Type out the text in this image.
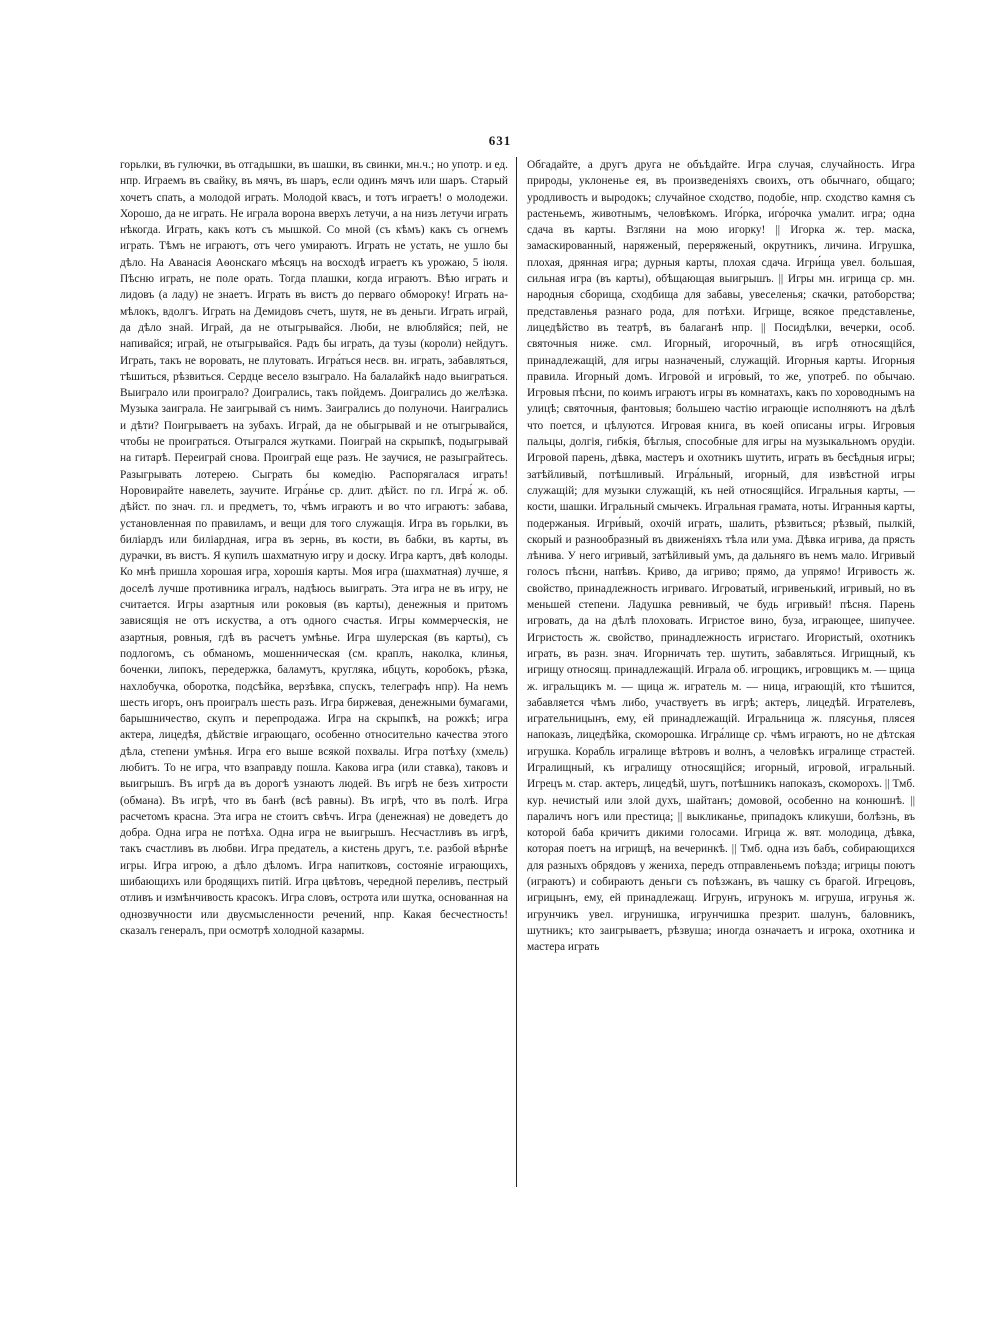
631

горьлки, въ гулючки, въ отгадышки, въ шашки, въ свинки, мн.ч.; но употр. и ед. нпр. Играемъ въ свайку, въ мячъ, въ шаръ, если одинъ мячъ или шаръ. Старый хочетъ спать, а молодой играть. Молодой квасъ, и тотъ играетъ! о молодежи. Хорошо, да не играть. Не играла ворона вверхъ летучи, а на низъ летучи играть нѣкогда. Играть, какъ котъ съ мышкой. Со мной (съ кѣмъ) какъ съ огнемъ играть. Тѣмъ не играютъ, отъ чего умираютъ. Играть не устать, не ушло бы дѣло. На Аванасія Аѳонскаго мѣсяцъ на восходѣ играетъ къ урожаю, 5 іюля. Пѣсню играть, не поле орать. Тогда плашки, когда играютъ. Вѣю играть и лидовъ (а ладу) не знаетъ. Играть въ вистъ до перваго обмороку! Играть на-мѣлокъ, вдолгъ. Играть на Демидовъ счетъ, шутя, не въ деньги. Играть играй, да дѣло знай. Играй, да не отыгрывайся. Люби, не влюбляйся; пей, не напивайся; играй, не отыгрывайся. Радъ бы играть, да тузы (короли) нейдутъ. Играть, такъ не воровать, не плутовать. Игра́ться несв. вн. играть, забавляться, тѣшиться, рѣзвиться. Сердце весело взыграло. На балалайкѣ надо выиграться. Выиграло или проиграло? Доигрались, такъ пойдемъ. Доигрались до желѣзка. Музыка заиграла. Не заигрывай съ нимъ. Заигрались до полуночи. Наигрались и дѣти? Поигрываетъ на зубахъ. Играй, да не обыгрывай и не отыгрывайся, чтобы не проиграться. Отыгрался жутками. Поиграй на скрыпкѣ, подыгрывай на гитарѣ. Переиграй снова. Проиграй еще разъ. Не заучися, не разыграйтесь. Разыгрывать лотерею. Сыграть бы комедію. Распорягалася играть! Норовирайте навелеть, заучите. Игра́нье ср. длит. дѣйст. по гл. Игра́ ж. об. дѣйст. по знач. гл. и предметъ, то, чѣмъ играютъ и во что играютъ: забава, установленная по правиламъ, и вещи для того служащія. Игра въ горьлки, въ билiардъ или биліардная, игра въ зернь, въ кости, въ бабки, въ карты, въ дурачки, въ вистъ. Я купилъ шахматную игру и доску. Игра картъ, двѣ колоды. Ко мнѣ пришла хорошая игра, хорошія карты. Моя игра (шахматная) лучше, я доселѣ лучше противника игралъ, надѣюсь выиграть. Эта игра не въ игру, не считается. Игры азартныя или роковыя (въ карты), денежныя и притомъ зависящія не отъ искуства, а отъ одного счастья. Игры коммерческія, не азартныя, ровныя, гдѣ въ расчетъ умѣнье. Игра шулерская (въ карты), съ подлогомъ, съ обманомъ, мошенническая (см. краплъ, наколка, клинья, боченки, липокъ, передержка, баламутъ, кругляка, ибцуть, коробокъ, рѣзка, нахлобучка, оборотка, подсѣйка, верзѣвка, спускъ, телеграфъ нпр). На немъ шесть игоръ, онъ проигралъ шесть разъ. Игра биржевая, денежными бумагами, барышничество, скупъ и перепродажа. Игра на скрыпкѣ, на рожкѣ; игра актера, лицедѣя, дѣйствіе играющаго, особенно относительно качества этого дѣла, степени умѣнья. Игра его выше всякой похвалы. Игра потѣху (хмель) любитъ. То не игра, что взаправду пошла. Какова игра (или ставка), таковъ и выигрышъ. Въ игрѣ да въ дорогѣ узнаютъ людей. Въ игрѣ не безъ хитрости (обмана). Въ игрѣ, что въ банѣ (всѣ равны). Въ игрѣ, что въ полѣ. Игра расчетомъ красна. Эта игра не стоитъ свѣчъ. Игра (денежная) не доведетъ до добра. Одна игра не потѣха. Одна игра не выигрышъ. Несчастливъ въ игрѣ, такъ счастливъ въ любви. Игра предатель, а кистень другъ, т.е. разбой вѣрнѣе игры. Игра игрою, а дѣло дѣломъ. Игра напитковъ, состояніе играющихъ, шибающихъ или бродящихъ питій. Игра цвѣтовъ, чередной переливъ, пестрый отливъ и измѣнчивость красокъ. Игра словъ, острота или шутка, основанная на однозвучности или двусмысленности речений, нпр. Какая бесчестность! сказалъ генералъ, при осмотрѣ холодной казармы.

Обгадайте, а другъ друга не объѣдайте. Игра случая, случайность. Игра природы, уклоненье ея, въ произведеніяхъ своихъ, отъ обычнаго, общаго; уродливость и выродокъ; случайное сходство, подобіе, нпр. сходство камня съ растеньемъ, животнымъ, человѣкомъ. Иго́рка, иго́рочка умалит. игра; одна сдача въ карты. Взгляни на мою игорку! || Игорка ж. тер. маска, замаскированный, наряженый, переряженый, окрутникъ, личина. Игрушка, плохая, дрянная игра; дурныя карты, плохая сдача. Игри́ща увел. большая, сильная игра (въ карты), обѣщающая выигрышъ. || Игры мн. игрища ср. мн. народныя сборища, сходбища для забавы, увеселенья; скачки, ратоборства; представленья разнаго рода, для потѣхи. Игрище, всякое представленье, лицедѣйство въ театрѣ, въ балаганѣ нпр. || Посидѣлки, вечерки, особ. святочныя ниже. смл. Игорный, игорочный, въ игрѣ относящійся, принадлежащій, для игры назначеный, служащій. Игорныя карты. Игорныя правила. Игорный домъ. Игрово́й и игро́вый, то же, употреб. по обычаю. Игровыя пѣсни, по коимъ играютъ игры въ комнатахъ, какъ по хороводнымъ на улицѣ; святочныя, фантовыя; большею частію играющіе исполняютъ на дѣлѣ что поется, и цѣлуются. Игровая книга, въ коей описаны игры. Игровыя пальцы, долгія, гибкія, бѣглыя, способные для игры на музыкальномъ орудіи. Игровой парень, дѣвка, мастеръ и охотникъ шутить, играть въ бесѣдныя игры; затѣйливый, потѣшливый. Игра́льный, игорный, для извѣстной игры служащій; для музыки служащій, къ ней относящійся. Игральныя карты, — кости, шашки. Игральный смычекъ. Игральная грамата, ноты. Игранныя карты, подержаныя. Игри́вый, охочій играть, шалить, рѣзвиться; рѣзвый, пылкій, скорый и разнообразный въ движеніяхъ тѣла или ума. Дѣвка игрива, да прясть лѣнива. У него игривый, затѣйливый умъ, да дальняго въ немъ мало. Игривый голосъ пѣсни, напѣвъ. Криво, да игриво; прямо, да упрямо! Игривость ж. свойство, принадлежность игриваго. Игроватый, игривенький, игривый, но въ меньшей степени. Ладушка ревнивый, че будь игривый! пѣсня. Парень игровать, да на дѣлѣ плоховать. Игристое вино, буза, играющее, шипучее. Игристость ж. свойство, принадлежность игристаго. Игористый, охотникъ играть, въ разн. знач. Игорничать тер. шутить, забавляться. Игрищный, къ игрищу относящ. принадлежащій. Игрaла об. игрощикъ, игровщикъ м. — щица ж. игральщикъ м. — щица ж. игратель м. — ница, играющій, кто тѣшится, забавляется чѣмъ либо, участвуетъ въ игрѣ; актеръ, лицедѣй. Игрателевъ, игрательницынъ, ему, ей принадлежащій. Игральница ж. плясунья, плясея напоказъ, лицедѣйка, скоморошка. Игра́лище ср. чѣмъ играютъ, но не дѣтская игрушка. Корабль игралище вѣтровъ и волнъ, а человѣкъ игралище страстей. Игралищный, къ игралищу относящійся; игорный, игровой, игральный. Игрецъ м. стар. актеръ, лицедѣй, шутъ, потѣшникъ напоказъ, скоморохъ. || Тмб. кур. нечистый или злой духъ, шайтанъ; домовой, особенно на конюшнѣ. || параличъ ногъ или престица; || выкликанье, припадокъ кликуши, болѣзнь, въ которой баба кричитъ дикими голосами. Игрица ж. вят. молодица, дѣвка, которая поетъ на игрищѣ, на вечеринкѣ. || Тмб. одна изъ бабъ, собирающихся для разныхъ обрядовъ у жениха, передъ отправленьемъ поѣзда; игрицы поютъ (играютъ) и собираютъ деньги съ поѣзжанъ, въ чашку съ брагой. Игрецовъ, игрицынъ, ему, ей принадлежащ. Игрунъ, игрунокъ м. игруша, игрунья ж. игрунчикъ увел. игрунишка, игрунчишка презрит. шалунъ, баловникъ, шутникъ; кто заигрываетъ, рѣзвуша; иногда означаетъ и игрока, охотника и мастера играть
